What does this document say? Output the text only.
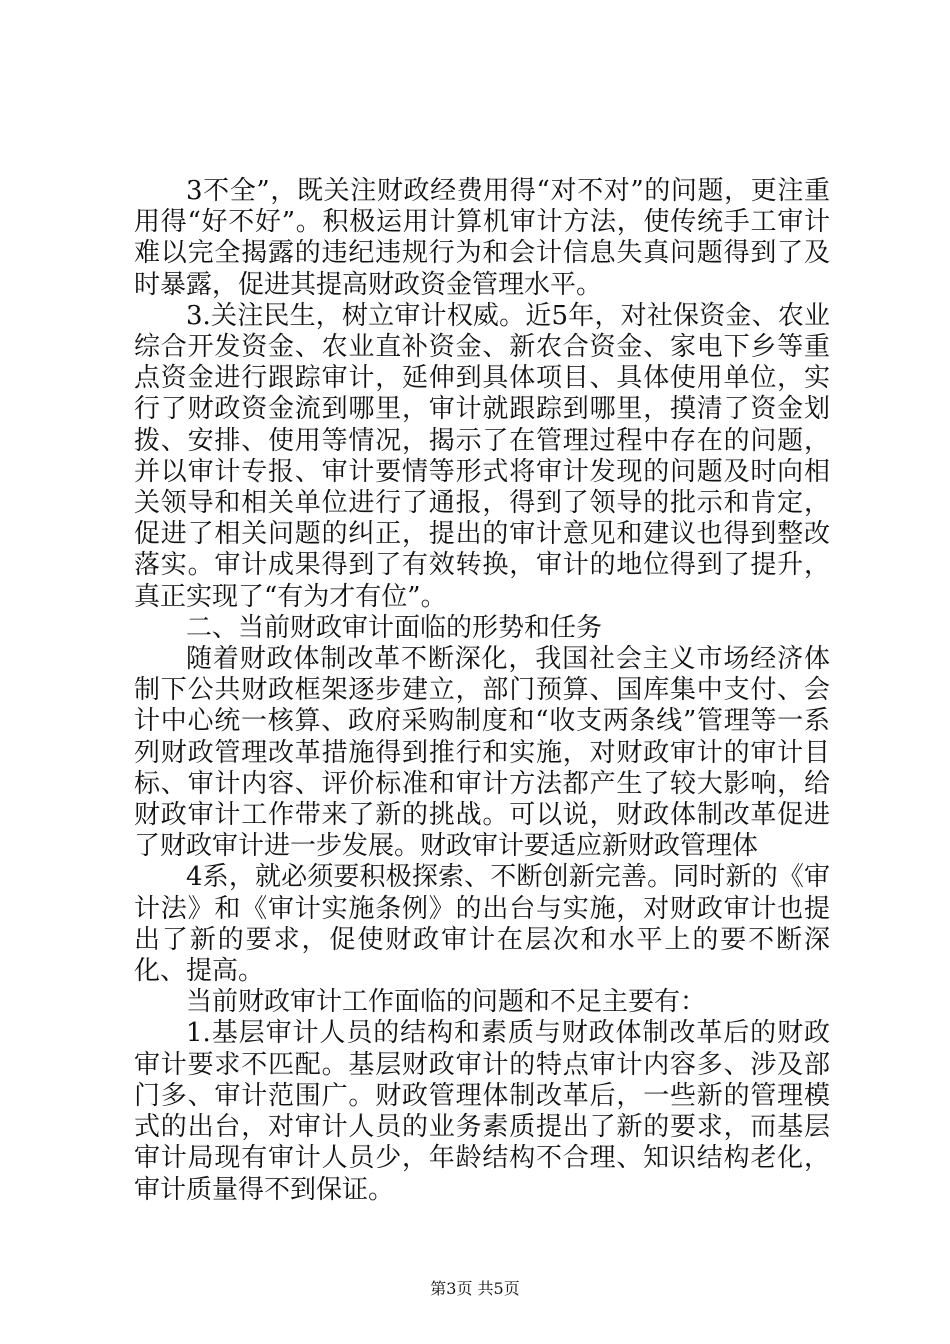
3不全”，既关注财政经费用得“对不对”的问题，更注重用得“好不好”。积极运用计算机审计方法，使传统手工审计难以完全揭露的违纪违规行为和会计信息失真问题得到了及时暴露，促进其提高财政资金管理水平。

3.关注民生，树立审计权威。近5年，对社保资金、农业综合开发资金、农业直补资金、新农合资金、家电下乡等重点资金进行跟踪审计，延伸到具体项目、具体使用单位，实行了财政资金流到哪里，审计就跟踪到哪里，摸清了资金划拨、安排、使用等情况，揭示了在管理过程中存在的问题，并以审计专报、审计要情等形式将审计发现的问题及时向相关领导和相关单位进行了通报，得到了领导的批示和肯定，促进了相关问题的纠正，提出的审计意见和建议也得到整改落实。审计成果得到了有效转换，审计的地位得到了提升，真正实现了“有为才有位”。

二、当前财政审计面临的形势和任务

随着财政体制改革不断深化，我国社会主义市场经济体制下公共财政框架逐步建立，部门预算、国库集中支付、会计中心统一核算、政府采购制度和“收支两条线”管理等一系列财政管理改革措施得到推行和实施，对财政审计的审计目标、审计内容、评价标准和审计方法都产生了较大影响，给财政审计工作带来了新的挑战。可以说，财政体制改革促进了财政审计进一步发展。财政审计要适应新财政管理体

4系，就必须要积极探索、不断创新完善。同时新的《审计法》和《审计实施条例》的出台与实施，对财政审计也提出了新的要求，促使财政审计在层次和水平上的要不断深化、提高。

当前财政审计工作面临的问题和不足主要有：

1.基层审计人员的结构和素质与财政体制改革后的财政审计要求不匹配。基层财政审计的特点审计内容多、涉及部门多、审计范围广。财政管理体制改革后，一些新的管理模式的出台，对审计人员的业务素质提出了新的要求，而基层审计局现有审计人员少，年龄结构不合理、知识结构老化，审计质量得不到保证。

第3页 共5页
